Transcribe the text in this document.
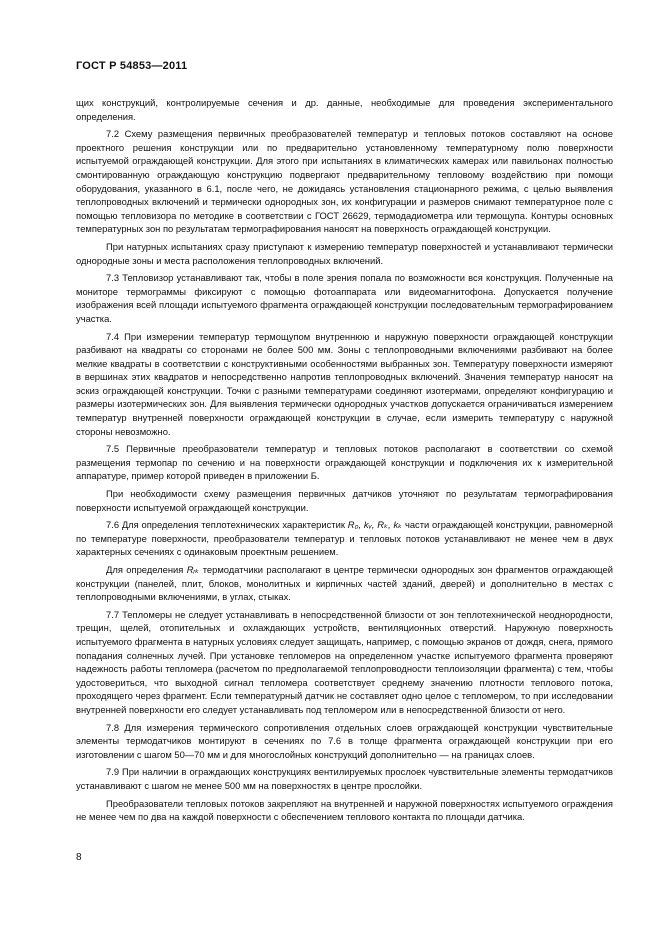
ГОСТ Р 54853—2011

щих конструкций, контролируемые сечения и др. данные, необходимые для проведения экспериментального определения.

7.2 Схему размещения первичных преобразователей температур и тепловых потоков составляют на основе проектного решения конструкции или по предварительно установленному температурному полю поверхности испытуемой ограждающей конструкции. Для этого при испытаниях в климатических камерах или павильонах полностью смонтированную ограждающую конструкцию подвергают предварительному тепловому воздействию при помощи оборудования, указанного в 6.1, после чего, не дожидаясь установления стационарного режима, с целью выявления теплопроводных включений и термически однородных зон, их конфигурации и размеров снимают температурное поле с помощью тепловизора по методике в соответствии с ГОСТ 26629, термодадиометра или термощупа. Контуры основных температурных зон по результатам термографирования наносят на поверхность ограждающей конструкции.

При натурных испытаниях сразу приступают к измерению температур поверхностей и устанавливают термически однородные зоны и места расположения теплопроводных включений.

7.3 Тепловизор устанавливают так, чтобы в поле зрения попала по возможности вся конструкция. Полученные на мониторе термограммы фиксируют с помощью фотоаппарата или видеомагнитофона. Допускается получение изображения всей площади испытуемого фрагмента ограждающей конструкции последовательным термографированием участка.

7.4 При измерении температур термощупом внутреннюю и наружную поверхности ограждающей конструкции разбивают на квадраты со сторонами не более 500 мм. Зоны с теплопроводными включениями разбивают на более мелкие квадраты в соответствии с конструктивными особенностями выбранных зон. Температуру поверхности измеряют в вершинах этих квадратов и непосредственно напротив теплопроводных включений. Значения температур наносят на эскиз ограждающей конструкции. Точки с разными температурами соединяют изотермами, определяют конфигурацию и размеры изотермических зон. Для выявления термически однородных участков допускается ограничиваться измерением температур внутренней поверхности ограждающей конструкции в случае, если измерить температуру с наружной стороны невозможно.

7.5 Первичные преобразователи температур и тепловых потоков располагают в соответствии со схемой размещения термопар по сечению и на поверхности ограждающей конструкции и подключения их к измерительной аппаратуре, пример которой приведен в приложении Б.

При необходимости схему размещения первичных датчиков уточняют по результатам термографирования поверхности испытуемой ограждающей конструкции.

7.6 Для определения теплотехнических характеристик R₀, kᵥ, Rₖ, kₖ части ограждающей конструкции, равномерной по температуре поверхности, преобразователи температур и тепловых потоков устанавливают не менее чем в двух характерных сечениях с одинаковым проектным решением.

Для определения Rᵣₖ термодатчики располагают в центре термически однородных зон фрагментов ограждающей конструкции (панелей, плит, блоков, монолитных и кирпичных частей зданий, дверей) и дополнительно в местах с теплопроводными включениями, в углах, стыках.

7.7 Тепломеры не следует устанавливать в непосредственной близости от зон теплотехнической неоднородности, трещин, щелей, отопительных и охлаждающих устройств, вентиляционных отверстий. Наружную поверхность испытуемого фрагмента в натурных условиях следует защищать, например, с помощью экранов от дождя, снега, прямого попадания солнечных лучей. При установке тепломеров на определенном участке испытуемого фрагмента проверяют надежность работы тепломера (расчетом по предполагаемой теплопроводности теплоизоляции фрагмента) с тем, чтобы удостовериться, что выходной сигнал тепломера соответствует среднему значению плотности теплового потока, проходящего через фрагмент. Если температурный датчик не составляет одно целое с тепломером, то при исследовании внутренней поверхности его следует устанавливать под тепломером или в непосредственной близости от него.

7.8 Для измерения термического сопротивления отдельных слоев ограждающей конструкции чувствительные элементы термодатчиков монтируют в сечениях по 7.6 в толще фрагмента ограждающей конструкции при его изготовлении с шагом 50—70 мм и для многослойных конструкций дополнительно — на границах слоев.

7.9 При наличии в ограждающих конструкциях вентилируемых прослоек чувствительные элементы термодатчиков устанавливают с шагом не менее 500 мм на поверхностях в центре прослойки.

Преобразователи тепловых потоков закрепляют на внутренней и наружной поверхностях испытуемого ограждения не менее чем по два на каждой поверхности с обеспечением теплового контакта по площади датчика.

8
